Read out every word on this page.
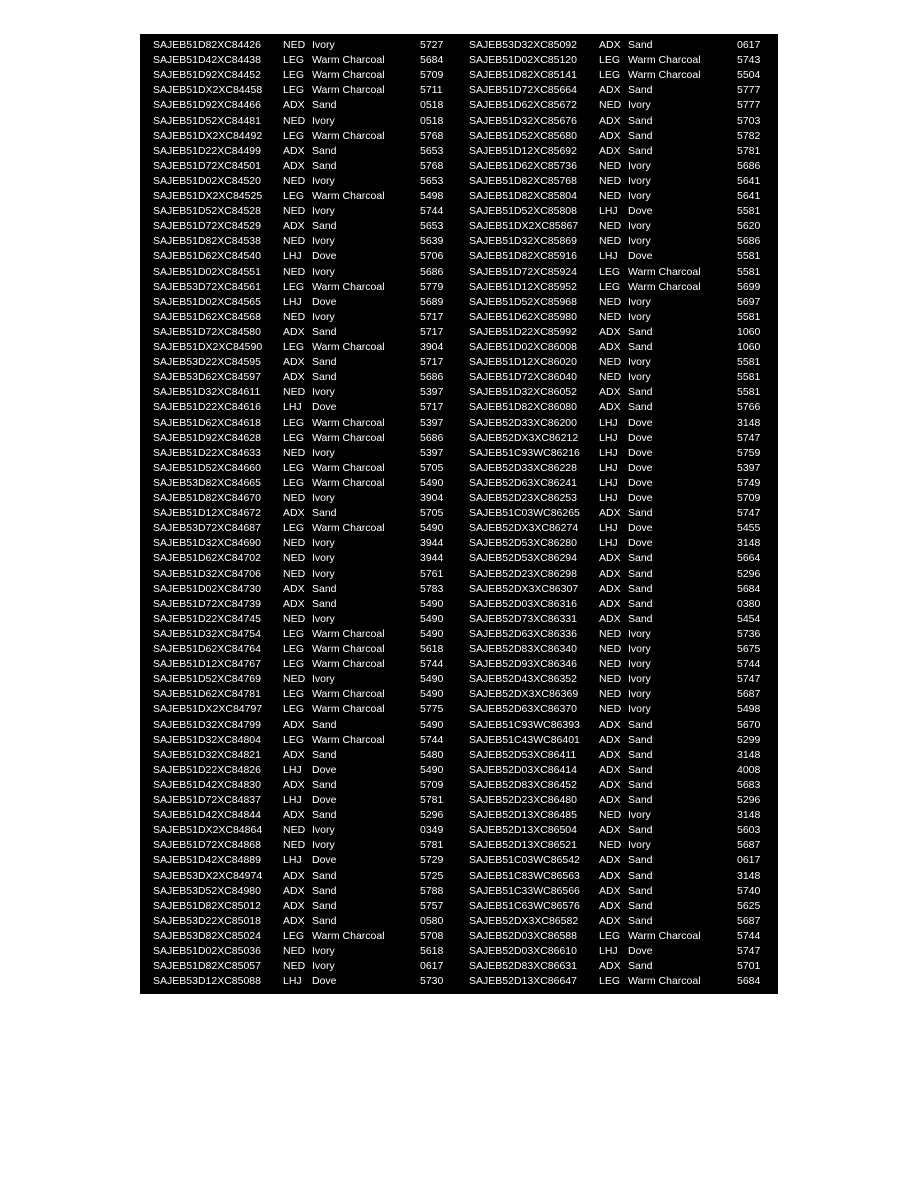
SAJEB51D82XC84426 NED Ivory	5727 SAJEB53D32XC85092 ADX Sand	0617
SAJEB51D42XC84438 LEG Warm Charcoal	5684 SAJEB51D02XC85120 LEG Warm Charcoal	5743
SAJEB51D92XC84452 LEG Warm Charcoal	5709 SAJEB51D82XC85141 LEG Warm Charcoal	5504
SAJEB51DX2XC84458 LEG Warm Charcoal	5711	SAJEB51D72XC85664 ADX Sand	5777
SAJEB51D92XC84466 ADX Sand	0518 SAJEB51D62XC85672 NED Ivory	5777
SAJEB51D52XC84481 NED Ivory	0518 SAJEB51D32XC85676 ADX Sand	5703
SAJEB51DX2XC84492 LEG Warm Charcoal	5768 SAJEB51D52XC85680 ADX Sand	5782
SAJEB51D22XC84499 ADX Sand	5653 SAJEB51D12XC85692 ADX Sand	5781
SAJEB51D72XC84501 ADX Sand	5768 SAJEB51D62XC85736 NED Ivory	5686
SAJEB51D02XC84520 NED Ivory	5653 SAJEB51D82XC85768 NED Ivory	5641
SAJEB51DX2XC84525 LEG Warm Charcoal	5498 SAJEB51D82XC85804 NED Ivory	5641
SAJEB51D52XC84528 NED Ivory	5744 SAJEB51D52XC85808 LHJ Dove	5581
SAJEB51D72XC84529 ADX Sand	5653 SAJEB51DX2XC85867 NED Ivory	5620
SAJEB51D82XC84538 NED Ivory	5639 SAJEB51D32XC85869 NED Ivory	5686
SAJEB51D62XC84540 LHJ Dove	5706 SAJEB51D82XC85916 LHJ Dove	5581
SAJEB51D02XC84551 NED Ivory	5686 SAJEB51D72XC85924 LEG Warm Charcoal	5581
SAJEB53D72XC84561 LEG Warm Charcoal	5779 SAJEB51D12XC85952 LEG Warm Charcoal	5699
SAJEB51D02XC84565 LHJ Dove	5689 SAJEB51D52XC85968 NED Ivory	5697
SAJEB51D62XC84568 NED Ivory	5717 SAJEB51D62XC85980 NED Ivory	5581
SAJEB51D72XC84580 ADX Sand	5717 SAJEB51D22XC85992 ADX Sand	1060
SAJEB51DX2XC84590 LEG Warm Charcoal	3904 SAJEB51D02XC86008 ADX Sand	1060
SAJEB53D22XC84595 ADX Sand	5717 SAJEB51D12XC86020 NED Ivory	5581
SAJEB53D62XC84597 ADX Sand	5686 SAJEB51D72XC86040 NED Ivory	5581
SAJEB51D32XC84611 NED Ivory	5397 SAJEB51D32XC86052 ADX Sand	5581
SAJEB51D22XC84616 LHJ Dove	5717 SAJEB51D82XC86080 ADX Sand	5766
SAJEB51D62XC84618 LEG Warm Charcoal	5397 SAJEB52D33XC86200 LHJ Dove	3148
SAJEB51D92XC84628 LEG Warm Charcoal	5686 SAJEB52DX3XC86212 LHJ Dove	5747
SAJEB51D22XC84633 NED Ivory	5397 SAJEB51C93WC86216 LHJ Dove	5759
SAJEB51D52XC84660 LEG Warm Charcoal	5705 SAJEB52D33XC86228 LHJ Dove	5397
SAJEB53D82XC84665 LEG Warm Charcoal	5490 SAJEB52D63XC86241 LHJ Dove	5749
SAJEB51D82XC84670 NED Ivory	3904 SAJEB52D23XC86253 LHJ Dove	5709
SAJEB51D12XC84672 ADX Sand	5705 SAJEB51C03WC86265 ADX Sand	5747
SAJEB53D72XC84687 LEG Warm Charcoal	5490 SAJEB52DX3XC86274 LHJ Dove	5455
SAJEB51D32XC84690 NED Ivory	3944 SAJEB52D53XC86280 LHJ Dove	3148
SAJEB51D62XC84702 NED Ivory	3944 SAJEB52D53XC86294 ADX Sand	5664
SAJEB51D32XC84706 NED Ivory	5761 SAJEB52D23XC86298 ADX Sand	5296
SAJEB51D02XC84730 ADX Sand	5783 SAJEB52DX3XC86307 ADX Sand	5684
SAJEB51D72XC84739 ADX Sand	5490 SAJEB52D03XC86316 ADX Sand	0380
SAJEB51D22XC84745 NED Ivory	5490 SAJEB52D73XC86331 ADX Sand	5454
SAJEB51D32XC84754 LEG Warm Charcoal	5490 SAJEB52D63XC86336 NED Ivory	5736
SAJEB51D62XC84764 LEG Warm Charcoal	5618 SAJEB52D83XC86340 NED Ivory	5675
SAJEB51D12XC84767 LEG Warm Charcoal	5744 SAJEB52D93XC86346 NED Ivory	5744
SAJEB51D52XC84769 NED Ivory	5490 SAJEB52D43XC86352 NED Ivory	5747
SAJEB51D62XC84781 LEG Warm Charcoal	5490 SAJEB52DX3XC86369 NED Ivory	5687
SAJEB51DX2XC84797 LEG Warm Charcoal	5775 SAJEB52D63XC86370 NED Ivory	5498
SAJEB51D32XC84799 ADX Sand	5490 SAJEB51C93WC86393 ADX Sand	5670
SAJEB51D32XC84804 LEG Warm Charcoal	5744 SAJEB51C43WC86401 ADX Sand	5299
SAJEB51D32XC84821 ADX Sand	5480 SAJEB52D53XC86411 ADX Sand	3148
SAJEB51D22XC84826 LHJ Dove	5490 SAJEB52D03XC86414 ADX Sand	4008
SAJEB51D42XC84830 ADX Sand	5709 SAJEB52D83XC86452 ADX Sand	5683
SAJEB51D72XC84837 LHJ Dove	5781 SAJEB52D23XC86480 ADX Sand	5296
SAJEB51D42XC84844 ADX Sand	5296 SAJEB52D13XC86485 NED Ivory	3148
SAJEB51DX2XC84864 NED Ivory	0349 SAJEB52D13XC86504 ADX Sand	5603
SAJEB51D72XC84868 NED Ivory	5781 SAJEB52D13XC86521 NED Ivory	5687
SAJEB51D42XC84889 LHJ Dove	5729 SAJEB51C03WC86542 ADX Sand	0617
SAJEB53DX2XC84974 ADX Sand	5725 SAJEB51C83WC86563 ADX Sand	3148
SAJEB53D52XC84980 ADX Sand	5788 SAJEB51C33WC86566 ADX Sand	5740
SAJEB51D82XC85012 ADX Sand	5757 SAJEB51C63WC86576 ADX Sand	5625
SAJEB53D22XC85018 ADX Sand	0580 SAJEB52DX3XC86582 ADX Sand	5687
SAJEB53D82XC85024 LEG Warm Charcoal	5708 SAJEB52D03XC86588 LEG Warm Charcoal	5744
SAJEB51D02XC85036 NED Ivory	5618 SAJEB52D03XC86610 LHJ Dove	5747
SAJEB51D82XC85057 NED Ivory	0617 SAJEB52D83XC86631 ADX Sand	5701
SAJEB53D12XC85088 LHJ Dove	5730 SAJEB52D13XC86647 LEG Warm Charcoal	5684
